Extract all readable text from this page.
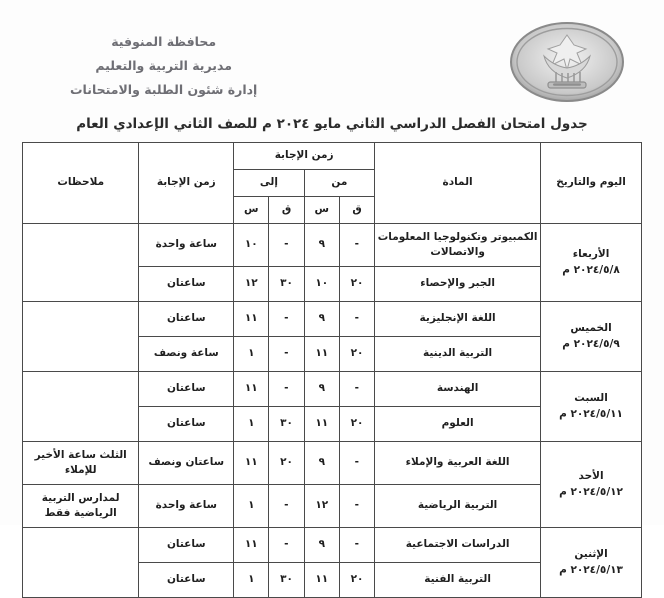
محافظة المنوفية
مديرية التربية والتعليم
إدارة شئون الطلبة والامتحانات
جدول امتحان الفصل الدراسي الثاني مايو ٢٠٢٤ م للصف الثاني الإعدادي العام
اليوم والتاريخ	المادة	زمن الإجابة				زمن الإجابة	ملاحظات
		من		إلى			
		ق	س	ق	س		

الأربعاء
٢٠٢٤/٥/٨ م	الكمبيوتر وتكنولوجيا المعلومات والاتصالات	-	٩	-	١٠	ساعة واحدة	
	الجبر والإحصاء	٢٠	١٠	٣٠	١٢	ساعتان	

الخميس
٢٠٢٤/٥/٩ م	اللغة الإنجليزية	-	٩	-	١١	ساعتان	
	التربية الدينية	٢٠	١١	-	١	ساعة ونصف	

السبت
٢٠٢٤/٥/١١ م	الهندسة	-	٩	-	١١	ساعتان	
	العلوم	٢٠	١١	٣٠	١	ساعتان	

الأحد
٢٠٢٤/٥/١٢ م	اللغة العربية والإملاء	-	٩	٢٠	١١	ساعتان ونصف	الثلث ساعة الأخير للإملاء
	التربية الرياضية	-	١٢	-	١	ساعة واحدة	لمدارس التربية الرياضية فقط

الإثنين
٢٠٢٤/٥/١٣ م	الدراسات الاجتماعية	-	٩	-	١١	ساعتان	
	التربية الفنية	٢٠	١١	٣٠	١	ساعتان	
